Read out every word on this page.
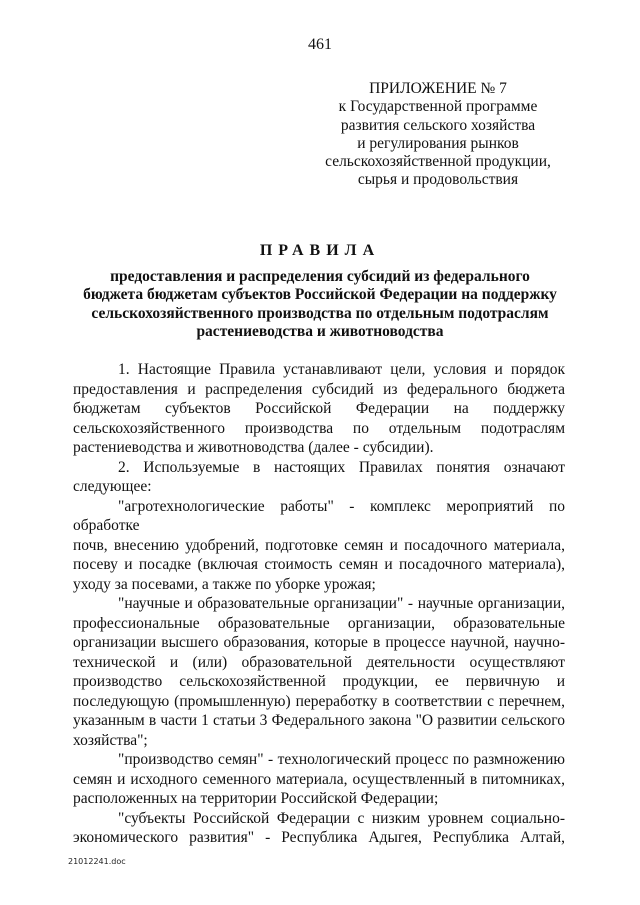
461
ПРИЛОЖЕНИЕ № 7
к Государственной программе
развития сельского хозяйства
и регулирования рынков
сельскохозяйственной продукции,
сырья и продовольствия
ПРАВИЛА
предоставления и распределения субсидий из федерального
бюджета бюджетам субъектов Российской Федерации на поддержку
сельскохозяйственного производства по отдельным подотраслям
растениеводства и животноводства
1. Настоящие Правила устанавливают цели, условия и порядок
предоставления и распределения субсидий из федерального бюджета
бюджетам субъектов Российской Федерации на поддержку
сельскохозяйственного производства по отдельным подотраслям
растениеводства и животноводства (далее - субсидии).
2. Используемые в настоящих Правилах понятия означают
следующее:
"агротехнологические работы" - комплекс мероприятий по обработке
почв, внесению удобрений, подготовке семян и посадочного материала,
посеву и посадке (включая стоимость семян и посадочного материала),
уходу за посевами, а также по уборке урожая;
"научные и образовательные организации" - научные организации,
профессиональные образовательные организации, образовательные
организации высшего образования, которые в процессе научной, научно-
технической и (или) образовательной деятельности осуществляют
производство сельскохозяйственной продукции, ее первичную и
последующую (промышленную) переработку в соответствии с перечнем,
указанным в части 1 статьи 3 Федерального закона "О развитии сельского
хозяйства";
"производство семян" - технологический процесс по размножению
семян и исходного семенного материала, осуществленный в питомниках,
расположенных на территории Российской Федерации;
"субъекты Российской Федерации с низким уровнем социально-
экономического развития" - Республика Адыгея, Республика Алтай,
21012241.doc
